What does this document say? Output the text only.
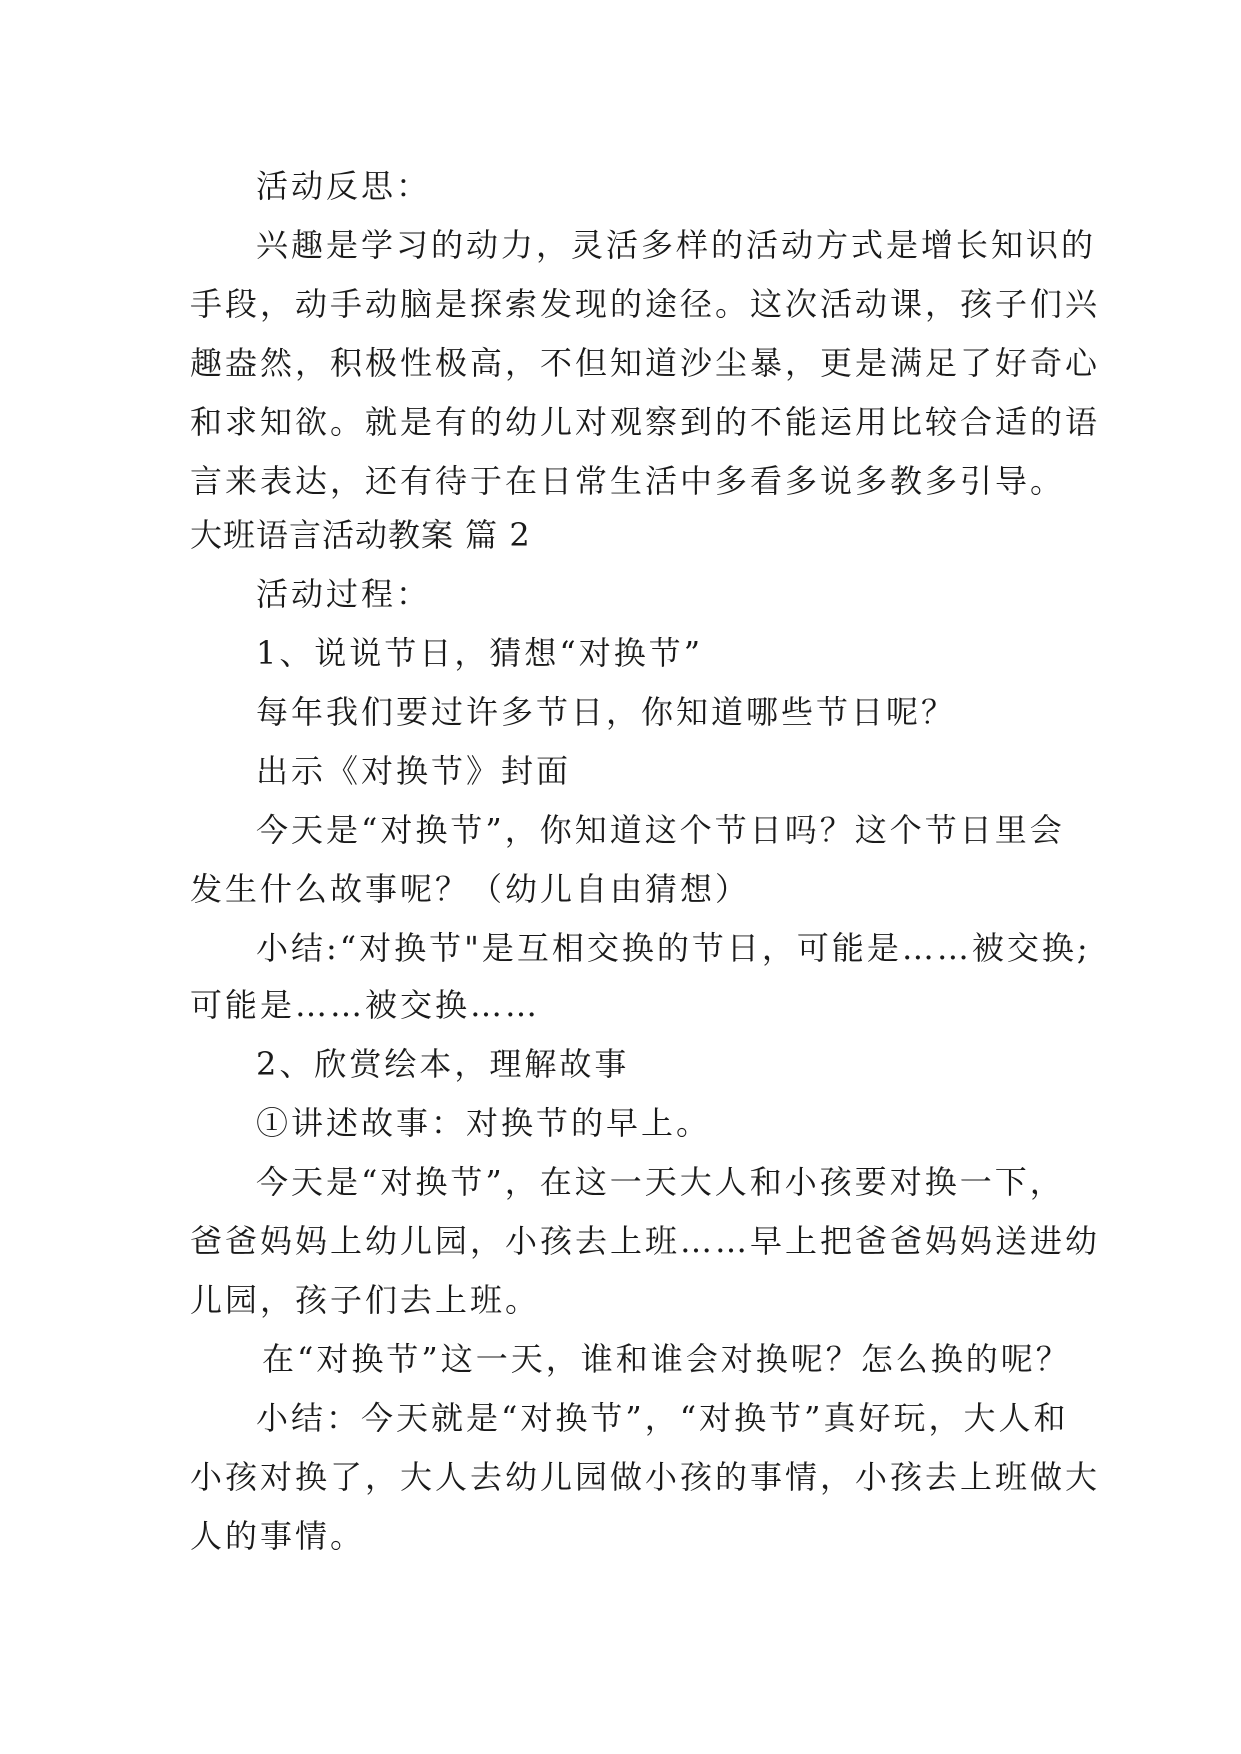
活动反思：
兴趣是学习的动力，灵活多样的活动方式是增长知识的
手段，动手动脑是探索发现的途径。这次活动课，孩子们兴
趣盎然，积极性极高，不但知道沙尘暴，更是满足了好奇心
和求知欲。就是有的幼儿对观察到的不能运用比较合适的语
言来表达，还有待于在日常生活中多看多说多教多引导。
大班语言活动教案 篇 2
活动过程：
1、说说节日，猜想“对换节”
每年我们要过许多节日，你知道哪些节日呢？
出示《对换节》封面
今天是“对换节”，你知道这个节日吗？这个节日里会
发生什么故事呢？（幼儿自由猜想）
小结:“对换节"是互相交换的节日，可能是……被交换;
可能是……被交换……
2、欣赏绘本，理解故事
①讲述故事：对换节的早上。
今天是“对换节”，在这一天大人和小孩要对换一下，
爸爸妈妈上幼儿园，小孩去上班……早上把爸爸妈妈送进幼
儿园，孩子们去上班。
在“对换节”这一天，谁和谁会对换呢？怎么换的呢？
小结：今天就是“对换节”，“对换节”真好玩，大人和
小孩对换了，大人去幼儿园做小孩的事情，小孩去上班做大
人的事情。
